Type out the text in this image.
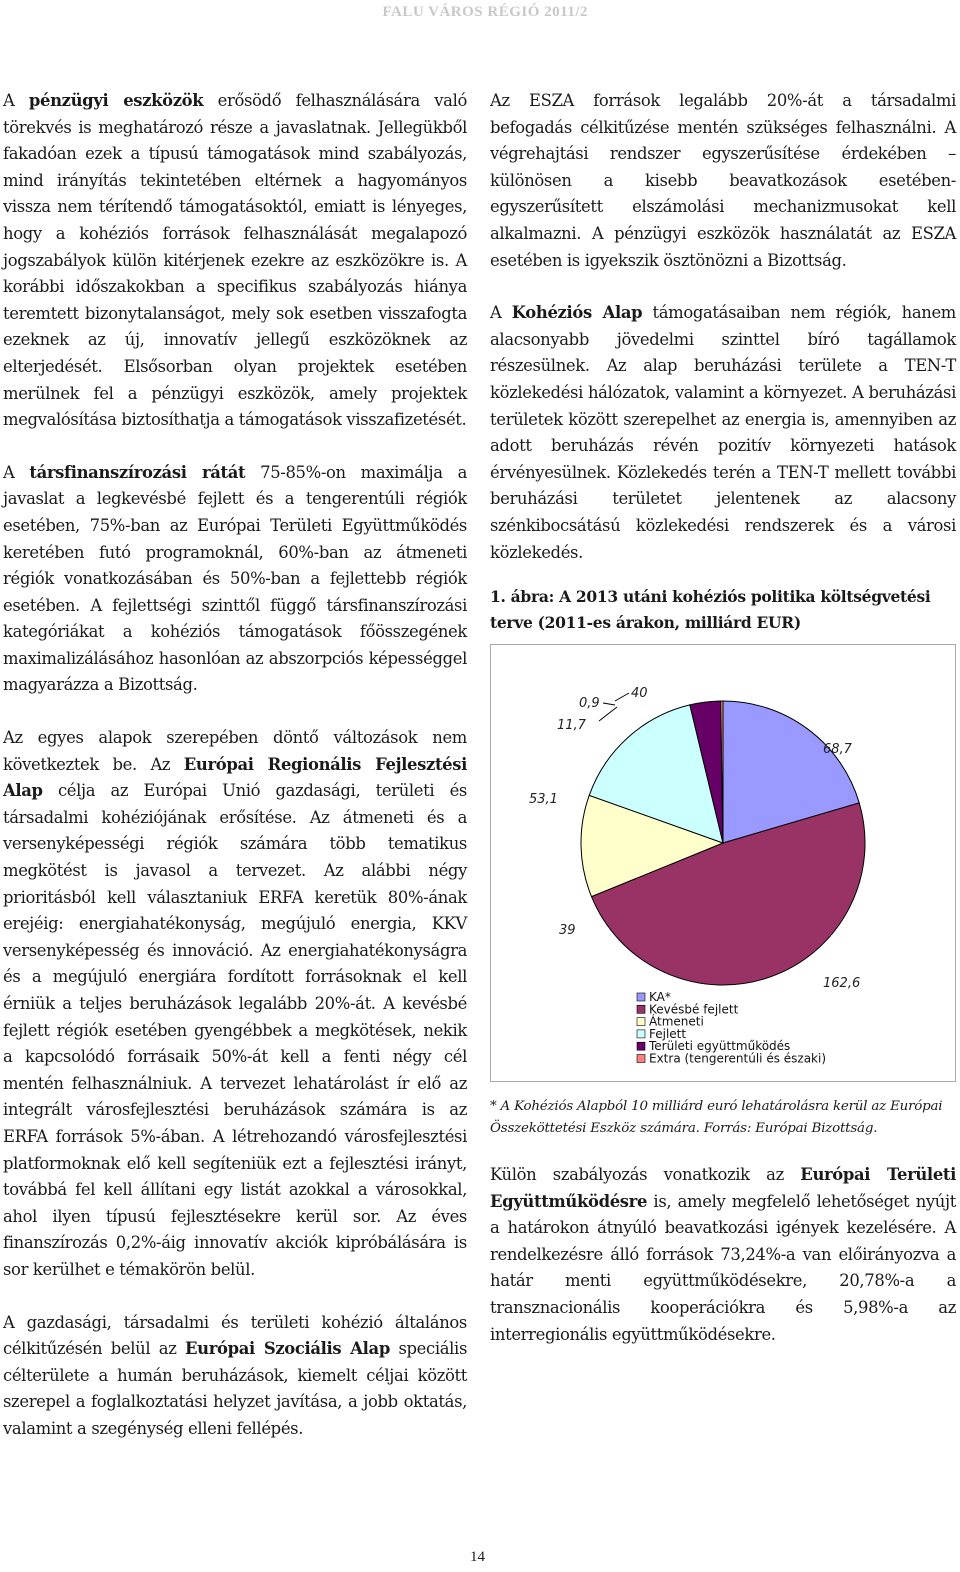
FALU VÁROS RÉGIÓ 2011/2

A pénzügyi eszközök erősödő felhasználására való törekvés is meghatározó része a javaslatnak. Jellegükből fakadóan ezek a típusú támogatások mind szabályozás, mind irányítás tekintetében eltérnek a hagyományos vissza nem térítendő támogatásoktól, emiatt is lényeges, hogy a kohéziós források felhasználását megalapozó jogszabályok külön kitérjenek ezekre az eszközökre is. A korábbi időszakokban a specifikus szabályozás hiánya teremtett bizonytalanságot, mely sok esetben visszafogta ezeknek az új, innovatív jellegű eszközöknek az elterjedését. Elsősorban olyan projektek esetében merülnek fel a pénzügyi eszközök, amely projektek megvalósítása biztosíthatja a támogatások visszafizetését.

A társfinanszírozási rátát 75-85%-on maximálja a javaslat a legkevésbé fejlett és a tengerentúli régiók esetében, 75%-ban az Európai Területi Együttműködés keretében futó programoknál, 60%-ban az átmeneti régiók vonatkozásában és 50%-ban a fejlettebb régiók esetében. A fejlettségi szinttől függő társfinanszírozási kategóriákat a kohéziós támogatások főösszegének maximalizálásához hasonlóan az abszorpciós képességgel magyarázza a Bizottság.

Az egyes alapok szerepében döntő változások nem következtek be. Az Európai Regionális Fejlesztési Alap célja az Európai Unió gazdasági, területi és társadalmi kohéziójának erősítése. Az átmeneti és a versenyképességi régiók számára több tematikus megkötést is javasol a tervezet. Az alábbi négy prioritásból kell választaniuk ERFA keretük 80%-ának erejéig: energiahatékonyság, megújuló energia, KKV versenyképesség és innováció. Az energiahatékonyságra és a megújuló energiára fordított forrásoknak el kell érniük a teljes beruházások legalább 20%-át. A kevésbé fejlett régiók esetében gyengébbek a megkötések, nekik a kapcsolódó forrásaik 50%-át kell a fenti négy cél mentén felhasználniuk. A tervezet lehatárolást ír elő az integrált városfejlesztési beruházások számára is az ERFA források 5%-ában. A létrehozandó városfejlesztési platformoknak elő kell segíteniük ezt a fejlesztési irányt, továbbá fel kell állítani egy listát azokkal a városokkal, ahol ilyen típusú fejlesztésekre kerül sor. Az éves finanszírozás 0,2%-áig innovatív akciók kipróbálására is sor kerülhet e témakörön belül.

A gazdasági, társadalmi és területi kohézió általános célkitűzésén belül az Európai Szociális Alap speciális célterülete a humán beruházások, kiemelt céljai között szerepel a foglalkoztatási helyzet javítása, a jobb oktatás, valamint a szegénység elleni fellépés.

Az ESZA források legalább 20%-át a társadalmi befogadás célkitűzése mentén szükséges felhasználni. A végrehajtási rendszer egyszerűsítése érdekében – különösen a kisebb beavatkozások esetében- egyszerűsített elszámolási mechanizmusokat kell alkalmazni. A pénzügyi eszközök használatát az ESZA esetében is igyekszik ösztönözni a Bizottság.

A Kohéziós Alap támogatásaiban nem régiók, hanem alacsonyabb jövedelmi szinttel bíró tagállamok részesülnek. Az alap beruházási területe a TEN-T közlekedési hálózatok, valamint a környezet. A beruházási területek között szerepelhet az energia is, amennyiben az adott beruházás révén pozitív környezeti hatások érvényesülnek. Közlekedés terén a TEN-T mellett további beruházási területet jelentenek az alacsony szénkibocsátású közlekedési rendszerek és a városi közlekedés.

1. ábra: A 2013 utáni kohéziós politika költségvetési terve (2011-es árakon, milliárd EUR)

68,7
162,6
39
53,1
11,7
0,9
40
KA*
Kevésbé fejlett
Átmeneti
Fejlett
Területi együttműködés
Extra (tengerentúli és északi)

* A Kohéziós Alapból 10 milliárd euró lehatárolásra kerül az Európai Összeköttetési Eszköz számára. Forrás: Európai Bizottság.

Külön szabályozás vonatkozik az Európai Területi Együttműködésre is, amely megfelelő lehetőséget nyújt a határokon átnyúló beavatkozási igények kezelésére. A rendelkezésre álló források 73,24%-a van előirányozva a határ menti együttműködésekre, 20,78%-a a transznacionális kooperációkra és 5,98%-a az interregionális együttműködésekre.

14
